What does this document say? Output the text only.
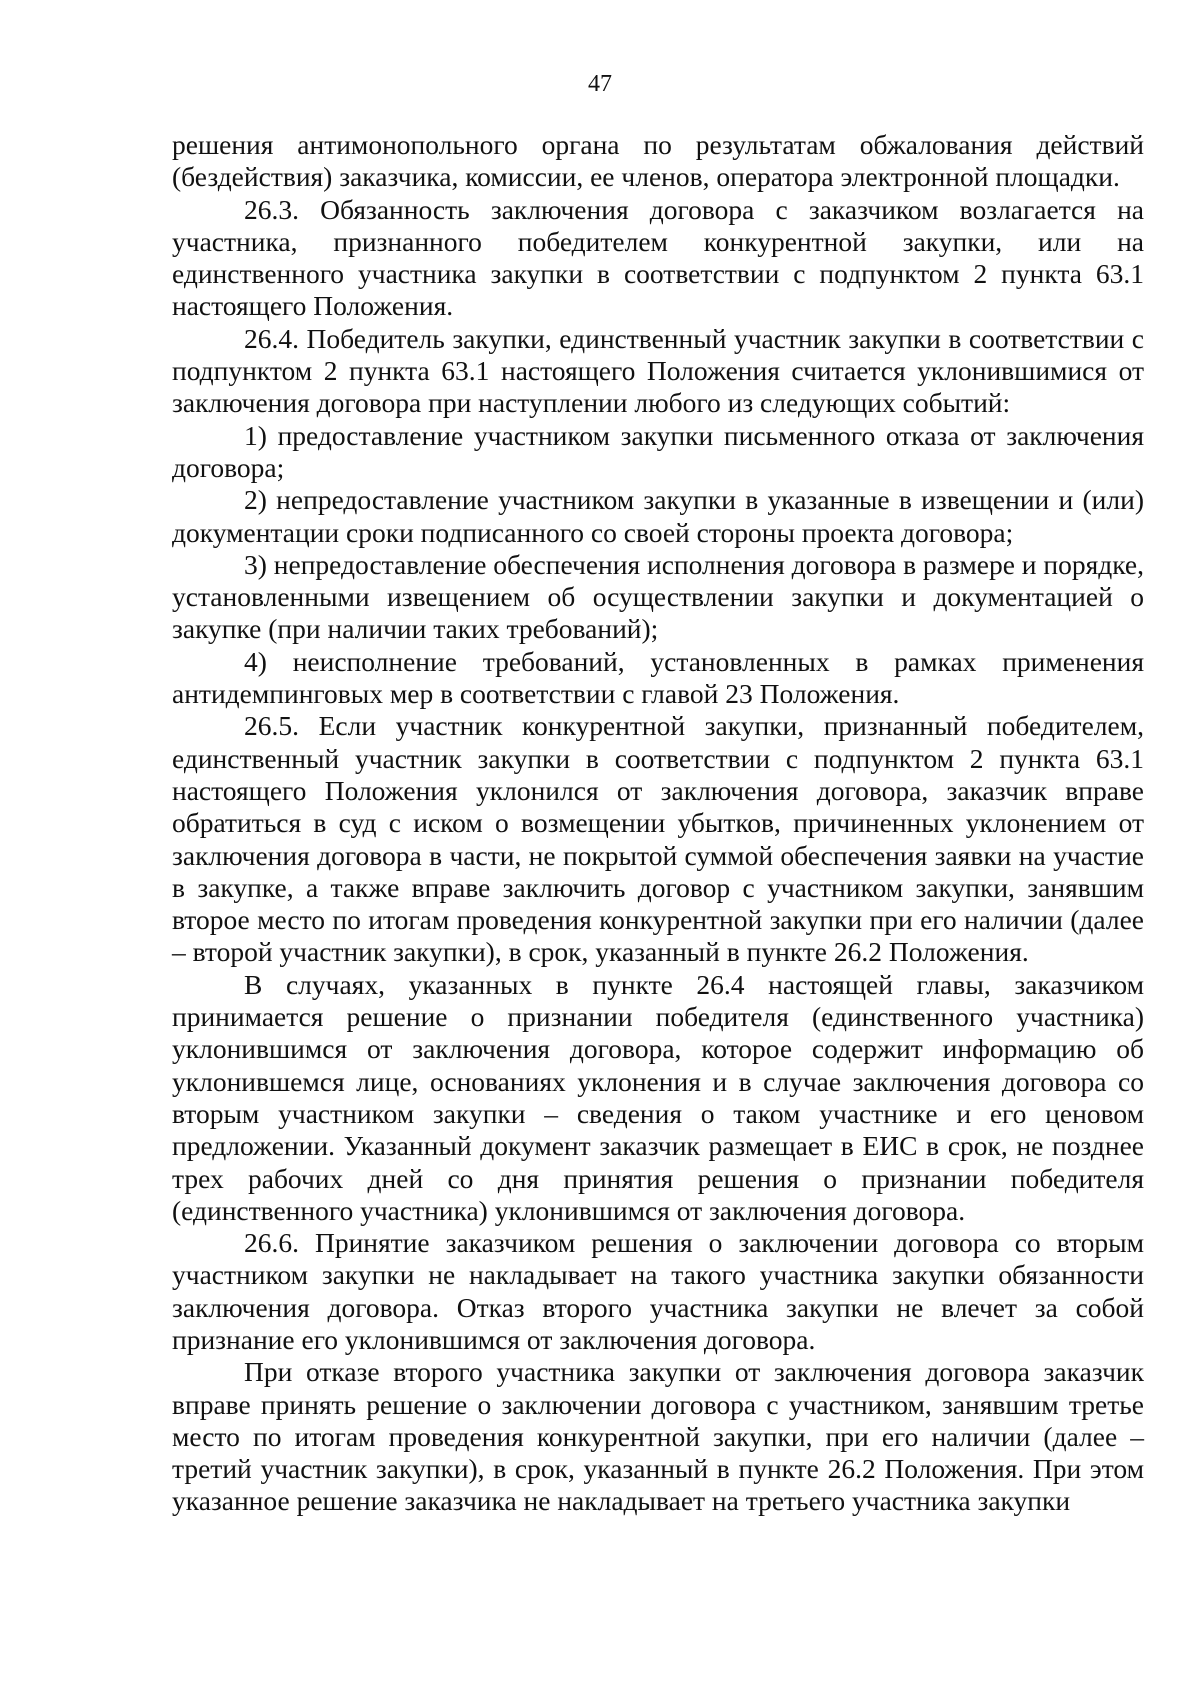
47

решения антимонопольного органа по результатам обжалования действий (бездействия) заказчика, комиссии, ее членов, оператора электронной площадки.

26.3. Обязанность заключения договора с заказчиком возлагается на участника, признанного победителем конкурентной закупки, или на единственного участника закупки в соответствии с подпунктом 2 пункта 63.1 настоящего Положения.

26.4. Победитель закупки, единственный участник закупки в соответствии с подпунктом 2 пункта 63.1 настоящего Положения считается уклонившимися от заключения договора при наступлении любого из следующих событий:

1) предоставление участником закупки письменного отказа от заключения договора;

2) непредоставление участником закупки в указанные в извещении и (или) документации сроки подписанного со своей стороны проекта договора;

3) непредоставление обеспечения исполнения договора в размере и порядке, установленными извещением об осуществлении закупки и документацией о закупке (при наличии таких требований);

4) неисполнение требований, установленных в рамках применения антидемпинговых мер в соответствии с главой 23 Положения.

26.5. Если участник конкурентной закупки, признанный победителем, единственный участник закупки в соответствии с подпунктом 2 пункта 63.1 настоящего Положения уклонился от заключения договора, заказчик вправе обратиться в суд с иском о возмещении убытков, причиненных уклонением от заключения договора в части, не покрытой суммой обеспечения заявки на участие в закупке, а также вправе заключить договор с участником закупки, занявшим второе место по итогам проведения конкурентной закупки при его наличии (далее – второй участник закупки), в срок, указанный в пункте 26.2 Положения.

В случаях, указанных в пункте 26.4 настоящей главы, заказчиком принимается решение о признании победителя (единственного участника) уклонившимся от заключения договора, которое содержит информацию об уклонившемся лице, основаниях уклонения и в случае заключения договора со вторым участником закупки – сведения о таком участнике и его ценовом предложении. Указанный документ заказчик размещает в ЕИС в срок, не позднее трех рабочих дней со дня принятия решения о признании победителя (единственного участника) уклонившимся от заключения договора.

26.6. Принятие заказчиком решения о заключении договора со вторым участником закупки не накладывает на такого участника закупки обязанности заключения договора. Отказ второго участника закупки не влечет за собой признание его уклонившимся от заключения договора.

При отказе второго участника закупки от заключения договора заказчик вправе принять решение о заключении договора с участником, занявшим третье место по итогам проведения конкурентной закупки, при его наличии (далее – третий участник закупки), в срок, указанный в пункте 26.2 Положения. При этом указанное решение заказчика не накладывает на третьего участника закупки
